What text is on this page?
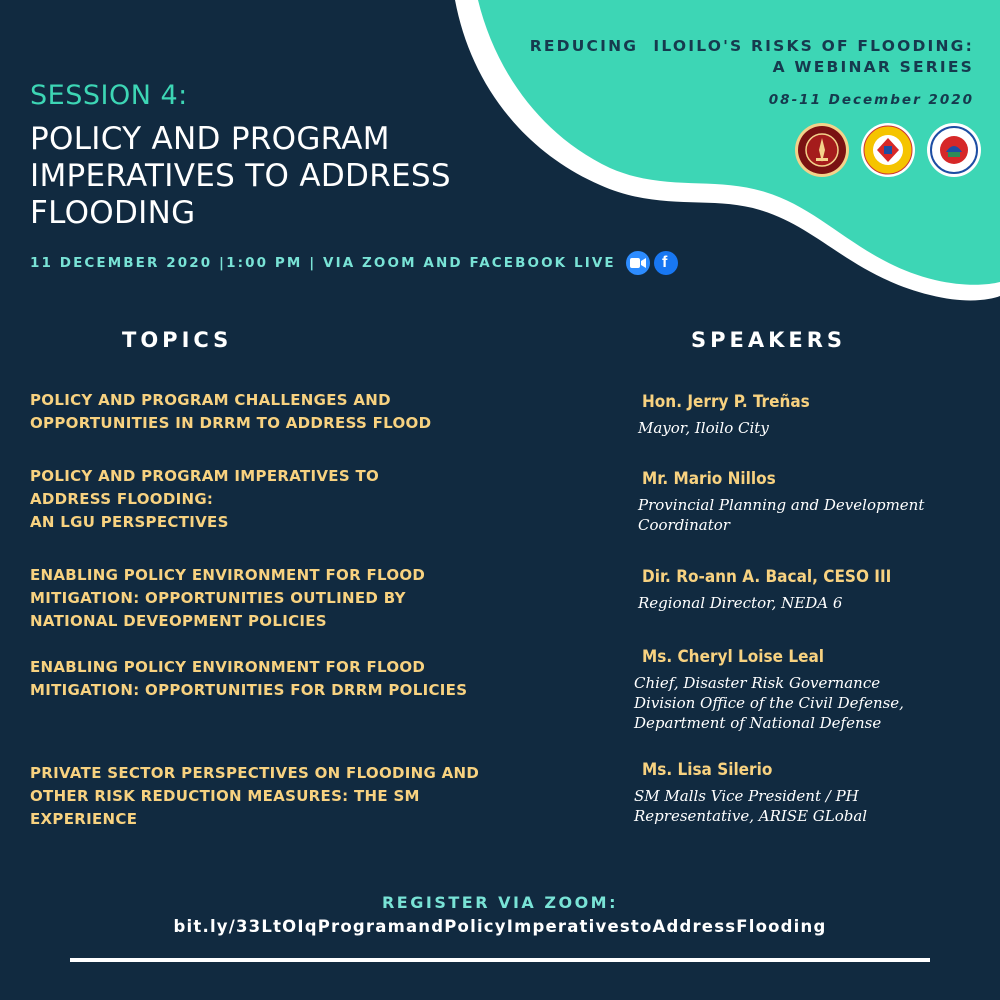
REDUCING  ILOILO'S RISKS OF FLOODING:
A WEBINAR SERIES
08-11 December 2020
SESSION 4:
POLICY AND PROGRAM
IMPERATIVES TO ADDRESS
FLOODING
11 DECEMBER 2020 |1:00 PM | VIA ZOOM AND FACEBOOK LIVE	f
TOPICS	SPEAKERS
POLICY AND PROGRAM CHALLENGES AND
OPPORTUNITIES IN DRRM TO ADDRESS FLOOD
POLICY AND PROGRAM IMPERATIVES TO
ADDRESS FLOODING:
AN LGU PERSPECTIVES
ENABLING POLICY ENVIRONMENT FOR FLOOD
MITIGATION: OPPORTUNITIES OUTLINED BY
NATIONAL DEVEOPMENT POLICIES
ENABLING POLICY ENVIRONMENT FOR FLOOD
MITIGATION: OPPORTUNITIES FOR DRRM POLICIES
PRIVATE SECTOR PERSPECTIVES ON FLOODING AND
OTHER RISK REDUCTION MEASURES: THE SM
EXPERIENCE
Hon. Jerry P. Treñas
Mayor, Iloilo City
Mr. Mario Nillos
Provincial Planning and Development
Coordinator
Dir. Ro-ann A. Bacal, CESO III
Regional Director, NEDA 6
Ms. Cheryl Loise Leal
Chief, Disaster Risk Governance
Division Office of the Civil Defense,
Department of National Defense
Ms. Lisa Silerio
SM Malls Vice President / PH
Representative, ARISE GLobal
REGISTER VIA ZOOM:
bit.ly/33LtOIqProgramandPolicyImperativestoAddressFlooding
